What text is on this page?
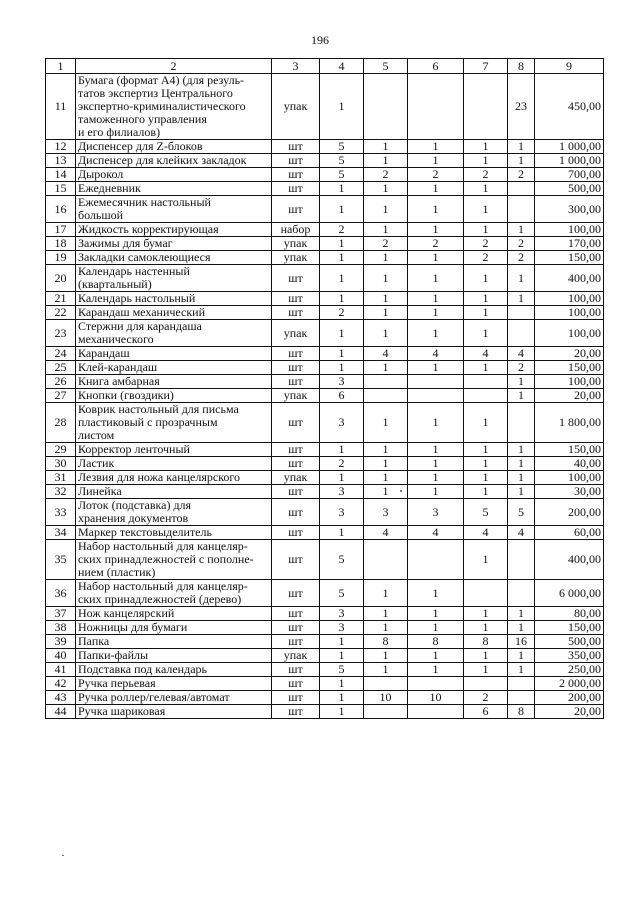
196
1	2	3	4	5	6	7	8	9
11	Бумага (формат А4) (для резуль-
татов экспертиз Центрального
экспертно-криминалистического
таможенного управления
и его филиалов)	упак	1				23	450,00
12	Диспенсер для Z-блоков	шт	5	1	1	1	1	1 000,00
13	Диспенсер для клейких закладок	шт	5	1	1	1	1	1 000,00
14	Дырокол	шт	5	2	2	2	2	700,00
15	Ежедневник	шт	1	1	1	1		500,00
16	Ежемесячник настольный
большой	шт	1	1	1	1		300,00
17	Жидкость корректирующая	набор	2	1	1	1	1	100,00
18	Зажимы для бумаг	упак	1	2	2	2	2	170,00
19	Закладки самоклеющиеся	упак	1	1	1	2	2	150,00
20	Календарь настенный
(квартальный)	шт	1	1	1	1	1	400,00
21	Календарь настольный	шт	1	1	1	1	1	100,00
22	Карандаш механический	шт	2	1	1	1		100,00
23	Стержни для карандаша
механического	упак	1	1	1	1		100,00
24	Карандаш	шт	1	4	4	4	4	20,00
25	Клей-карандаш	шт	1	1	1	1	2	150,00
26	Книга амбарная	шт	3				1	100,00
27	Кнопки (гвоздики)	упак	6				1	20,00
28	Коврик настольный для письма
пластиковый с прозрачным
листом	шт	3	1	1	1		1 800,00
29	Корректор ленточный	шт	1	1	1	1	1	150,00
30	Ластик	шт	2	1	1	1	1	40,00
31	Лезвия для ножа канцелярского	упак	1	1	1	1	1	100,00
32	Линейка	шт	3	1	1	1	1	30,00
33	Лоток (подставка) для
хранения документов	шт	3	3	3	5	5	200,00
34	Маркер текстовыделитель	шт	1	4	4	4	4	60,00
35	Набор настольный для канцеляр-
ских принадлежностей с пополне-
нием (пластик)	шт	5			1		400,00
36	Набор настольный для канцеляр-
ских принадлежностей (дерево)	шт	5	1	1			6 000,00
37	Нож канцелярский	шт	3	1	1	1	1	80,00
38	Ножницы для бумаги	шт	3	1	1	1	1	150,00
39	Папка	шт	1	8	8	8	16	500,00
40	Папки-файлы	упак	1	1	1	1	1	350,00
41	Подставка под календарь	шт	5	1	1	1	1	250,00
42	Ручка перьевая	шт	1					2 000,00
43	Ручка роллер/гелевая/автомат	шт	1	10	10	2		200,00
44	Ручка шариковая	шт	1			6	8	20,00
